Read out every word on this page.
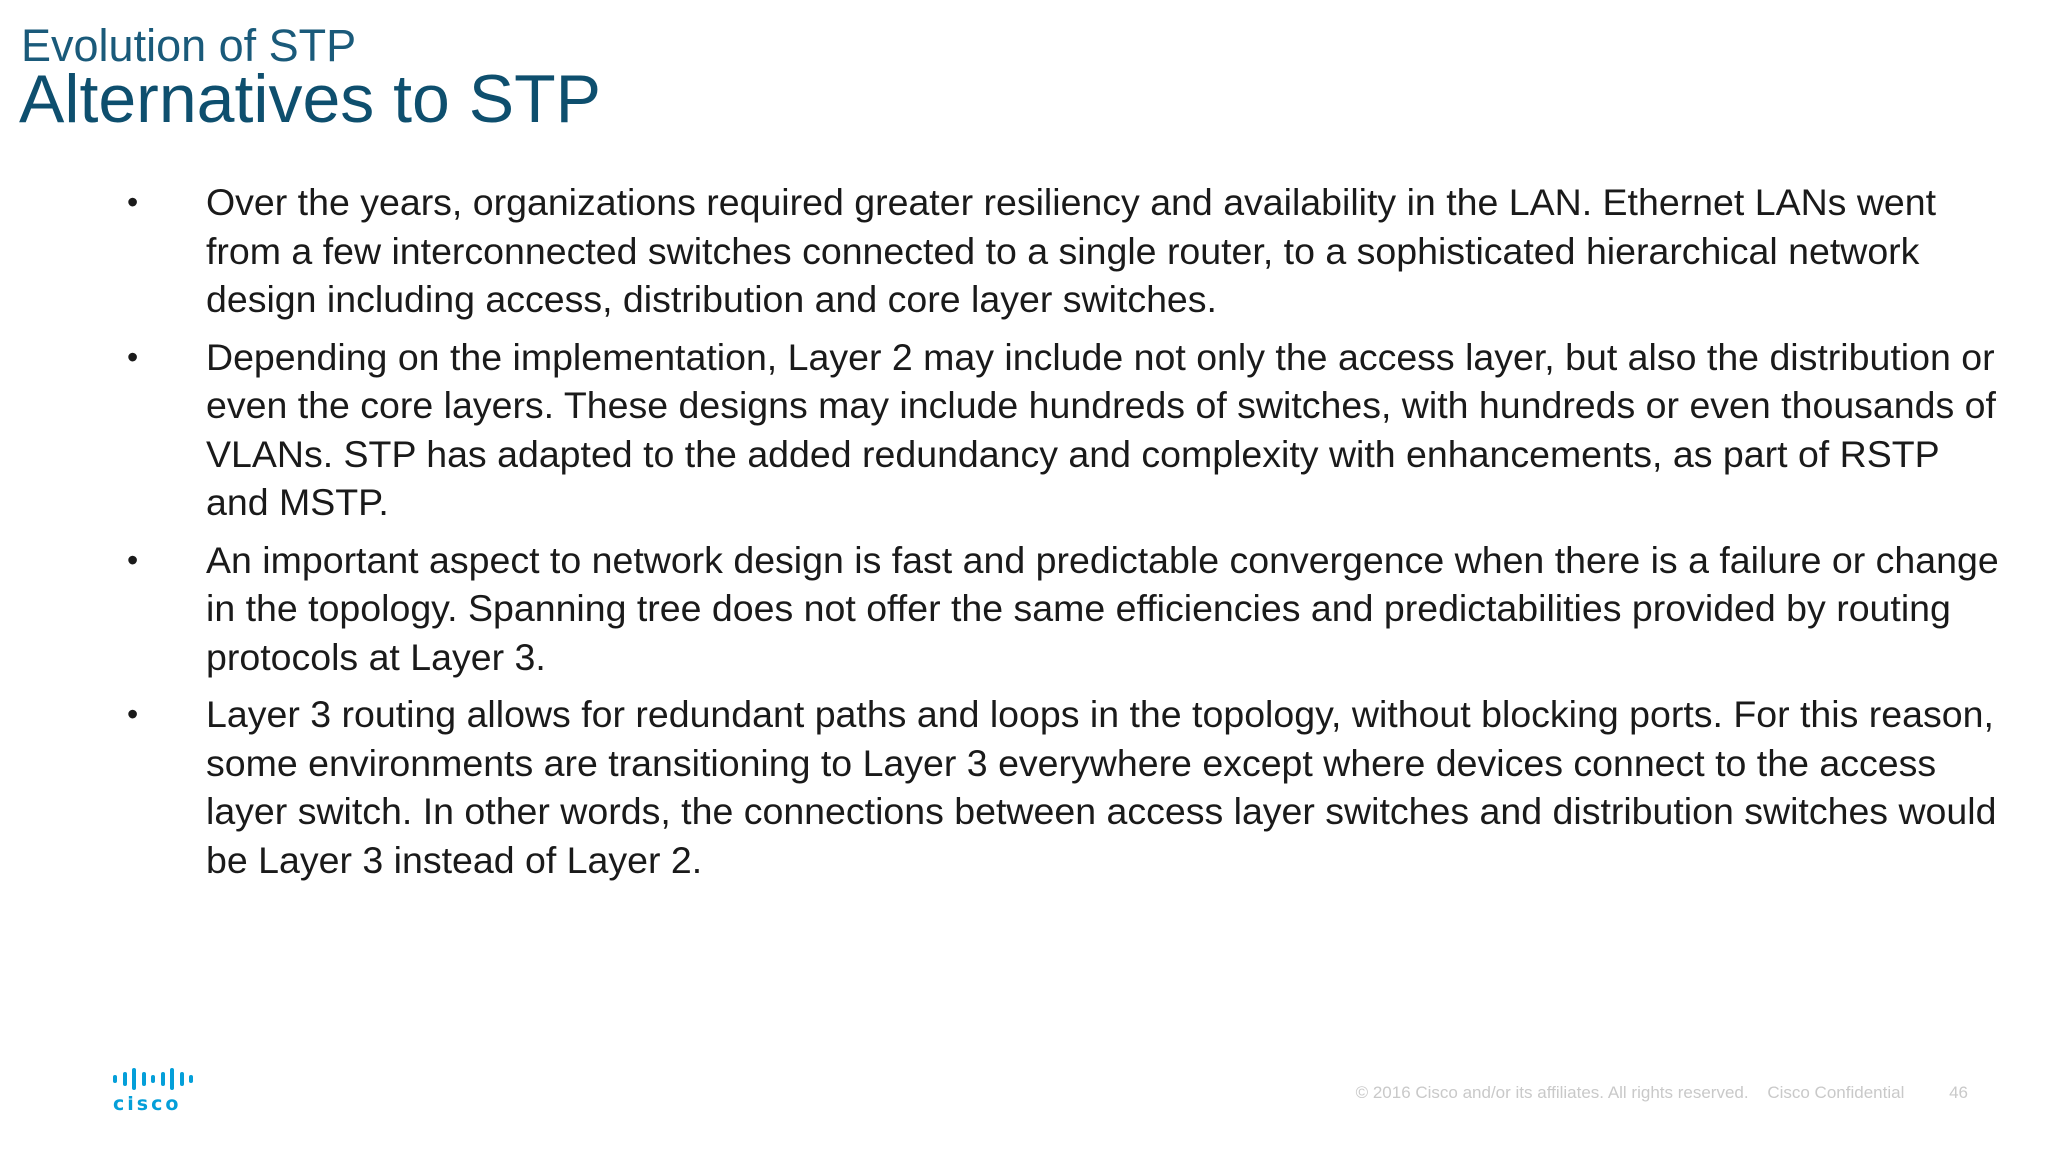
Evolution of STP
Alternatives to STP
• Over the years, organizations required greater resiliency and availability in the LAN. Ethernet LANs went from a few interconnected switches connected to a single router, to a sophisticated hierarchical network design including access, distribution and core layer switches.
• Depending on the implementation, Layer 2 may include not only the access layer, but also the distribution or even the core layers. These designs may include hundreds of switches, with hundreds or even thousands of VLANs. STP has adapted to the added redundancy and complexity with enhancements, as part of RSTP and MSTP.
• An important aspect to network design is fast and predictable convergence when there is a failure or change in the topology. Spanning tree does not offer the same efficiencies and predictabilities provided by routing protocols at Layer 3.
• Layer 3 routing allows for redundant paths and loops in the topology, without blocking ports. For this reason, some environments are transitioning to Layer 3 everywhere except where devices connect to the access layer switch. In other words, the connections between access layer switches and distribution switches would be Layer 3 instead of Layer 2.
cisco
© 2016 Cisco and/or its affiliates. All rights reserved. Cisco Confidential	46
